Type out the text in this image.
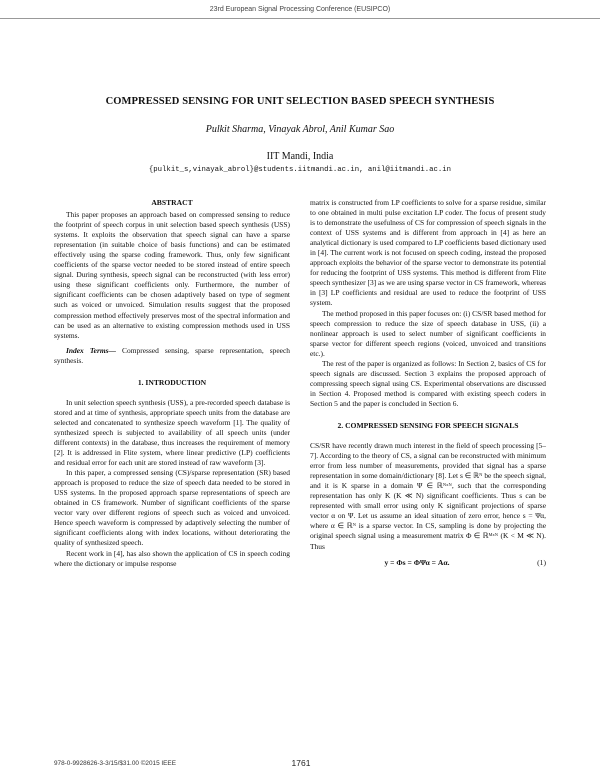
23rd European Signal Processing Conference (EUSIPCO)
COMPRESSED SENSING FOR UNIT SELECTION BASED SPEECH SYNTHESIS
Pulkit Sharma, Vinayak Abrol, Anil Kumar Sao
IIT Mandi, India
{pulkit_s,vinayak_abrol}@students.iitmandi.ac.in, anil@iitmandi.ac.in
ABSTRACT

This paper proposes an approach based on compressed sensing to reduce the footprint of speech corpus in unit selection based speech synthesis (USS) systems. It exploits the observation that speech signal can have a sparse representation (in suitable choice of basis functions) and can be estimated effectively using the sparse coding framework. Thus, only few significant coefficients of the sparse vector needed to be stored instead of entire speech signal. During synthesis, speech signal can be reconstructed (with less error) using these significant coefficients only. Furthermore, the number of significant coefficients can be chosen adaptively based on type of segment such as voiced or unvoiced. Simulation results suggest that the proposed compression method effectively preserves most of the spectral information and can be used as an alternative to existing compression methods used in USS systems.

Index Terms— Compressed sensing, sparse representation, speech synthesis.

1. INTRODUCTION

In unit selection speech synthesis (USS), a pre-recorded speech database is stored and at time of synthesis, appropriate speech units from the database are selected and concatenated to synthesize speech waveform [1]. The quality of synthesized speech is subjected to availability of all speech units (under different contexts) in the database, thus increases the requirement of memory [2]. It is addressed in Flite system, where linear predictive (LP) coefficients and residual error for each unit are stored instead of raw waveform [3].

In this paper, a compressed sensing (CS)/sparse representation (SR) based approach is proposed to reduce the size of speech data needed to be stored in USS systems. In the proposed approach sparse representations of speech are obtained in CS framework. Number of significant coefficients of the sparse vector vary over different regions of speech such as voiced and unvoiced. Hence speech waveform is compressed by adaptively selecting the number of significant coefficients along with index locations, without deteriorating the quality of synthesized speech.

Recent work in [4], has also shown the application of CS in speech coding where the dictionary or impulse response

matrix is constructed from LP coefficients to solve for a sparse residue, similar to one obtained in multi pulse excitation LP coder. The focus of present study is to demonstrate the usefulness of CS for compression of speech signals in the context of USS systems and is different from approach in [4] as here an analytical dictionary is used compared to LP coefficients based dictionary used in [4]. The current work is not focused on speech coding, instead the proposed approach exploits the behavior of the sparse vector to demonstrate its potential for reducing the footprint of USS systems. This method is different from Flite speech synthesizer [3] as we are using sparse vector in CS framework, whereas in [3] LP coefficients and residual are used to reduce the footprint of USS system.

The method proposed in this paper focuses on: (i) CS/SR based method for speech compression to reduce the size of speech database in USS, (ii) a nonlinear approach is used to select number of significant coefficients in sparse vector for different speech regions (voiced, unvoiced and transitions etc.).

The rest of the paper is organized as follows: In Section 2, basics of CS for speech signals are discussed. Section 3 explains the proposed approach of compressing speech signal using CS. Experimental observations are discussed in Section 4. Proposed method is compared with existing speech coders in Section 5 and the paper is concluded in Section 6.

2. COMPRESSED SENSING FOR SPEECH SIGNALS

CS/SR have recently drawn much interest in the field of speech processing [5–7]. According to the theory of CS, a signal can be reconstructed with minimum error from less number of measurements, provided that signal has a sparse representation in some domain/dictionary [8]. Let s ∈ ℝᴺ be the speech signal, and it is K sparse in a domain Ψ ∈ ℝᴺˣᴺ, such that the corresponding representation has only K (K ≪ N) significant coefficients. Thus s can be represented with small error using only K significant projections of sparse vector α on Ψ. Let us assume an ideal situation of zero error, hence s = Ψα, where α ∈ ℝᴺ is a sparse vector. In CS, sampling is done by projecting the original speech signal using a measurement matrix Φ ∈ ℝᴹˣᴺ (K < M ≪ N). Thus

y = Φs = ΦΨα = Aα.	(1)
978-0-9928626-3-3/15/$31.00 ©2015 IEEE	1761
